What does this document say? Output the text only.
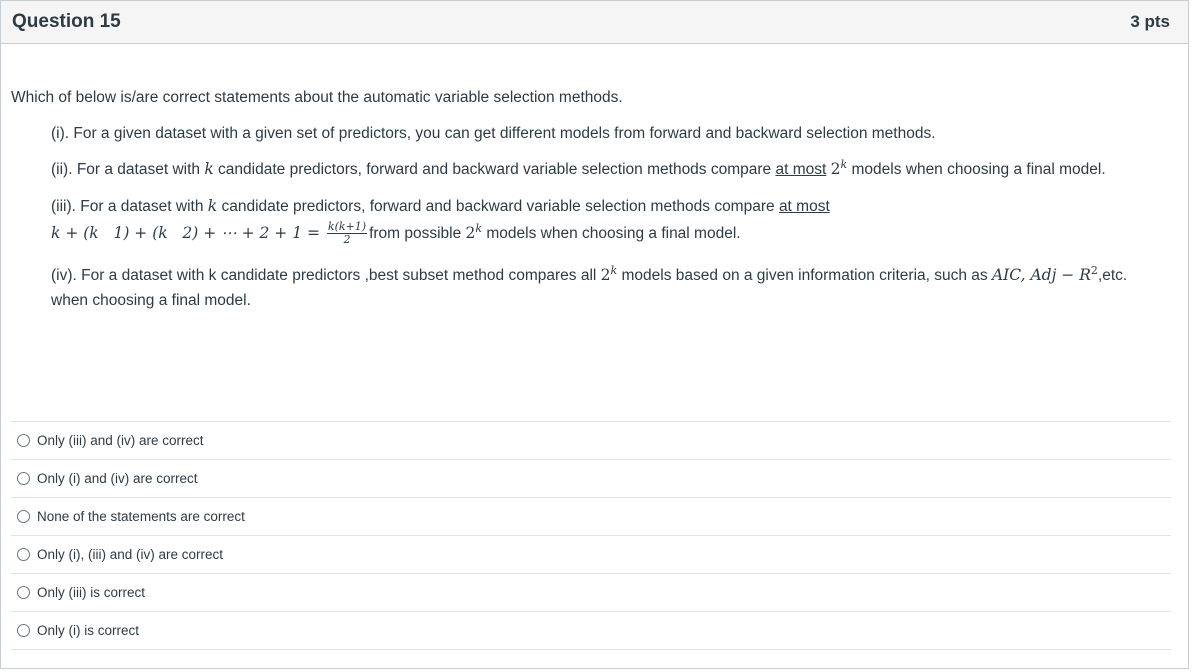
Question 15	3 pts
Which of below is/are correct statements about the automatic variable selection methods.
(i). For a given dataset with a given set of predictors, you can get different models from forward and backward selection methods.
(ii). For a dataset with k candidate predictors, forward and backward variable selection methods compare at most 2$^k$ models when choosing a final model.
(iii). For a dataset with k candidate predictors, forward and backward variable selection methods compare at most
k + (k   1) + (k   2) + ⋯ + $2 + 1 = \frac{k(k+1)}{2}$ from possible 2$^k$ models when choosing a final model.
(iv). For a dataset with k candidate predictors ,best subset method compares all 2$^k$ models based on a given information criteria, such as AIC, Adj − $R^2,etc$.
when choosing a final model.
Only (iii) and (iv) are correct
Only (i) and (iv) are correct
None of the statements are correct
Only (i), (iii) and (iv) are correct
Only (iii) is correct
Only (i) is correct
